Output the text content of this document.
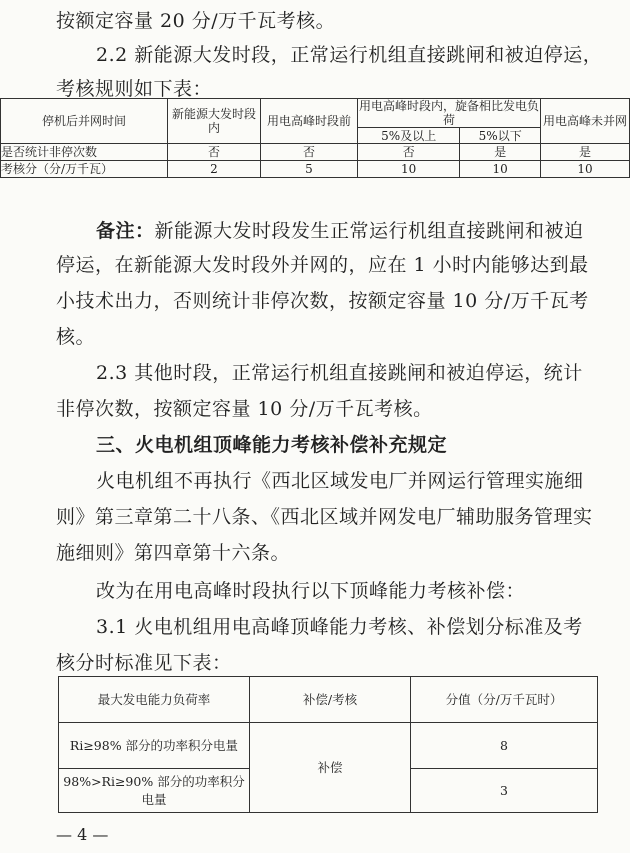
按额定容量 20 分/万千瓦考核。
2.2 新能源大发时段，正常运行机组直接跳闸和被迫停运，
考核规则如下表：
停机后并网时间	新能源大发时段内	用电高峰时段前	用电高峰时段内，旋备相比发电负荷		用电高峰未并网
			5%及以上	5%以下	
是否统计非停次数	否	否	否	是	是
考核分（分/万千瓦）	2	5	10	10	10
备注：新能源大发时段发生正常运行机组直接跳闸和被迫
停运，在新能源大发时段外并网的，应在 1 小时内能够达到最
小技术出力，否则统计非停次数，按额定容量 10 分/万千瓦考
核。
2.3 其他时段，正常运行机组直接跳闸和被迫停运，统计
非停次数，按额定容量 10 分/万千瓦考核。
三、火电机组顶峰能力考核补偿补充规定
火电机组不再执行《西北区域发电厂并网运行管理实施细
则》第三章第二十八条、《西北区域并网发电厂辅助服务管理实
施细则》第四章第十六条。
改为在用电高峰时段执行以下顶峰能力考核补偿：
3.1 火电机组用电高峰顶峰能力考核、补偿划分标准及考
核分时标准见下表：
最大发电能力负荷率	补偿/考核	分值（分/万千瓦时）
Ri≥98% 部分的功率积分电量	补偿	8
98%>Ri≥90% 部分的功率积分电量		3
— 4 —
